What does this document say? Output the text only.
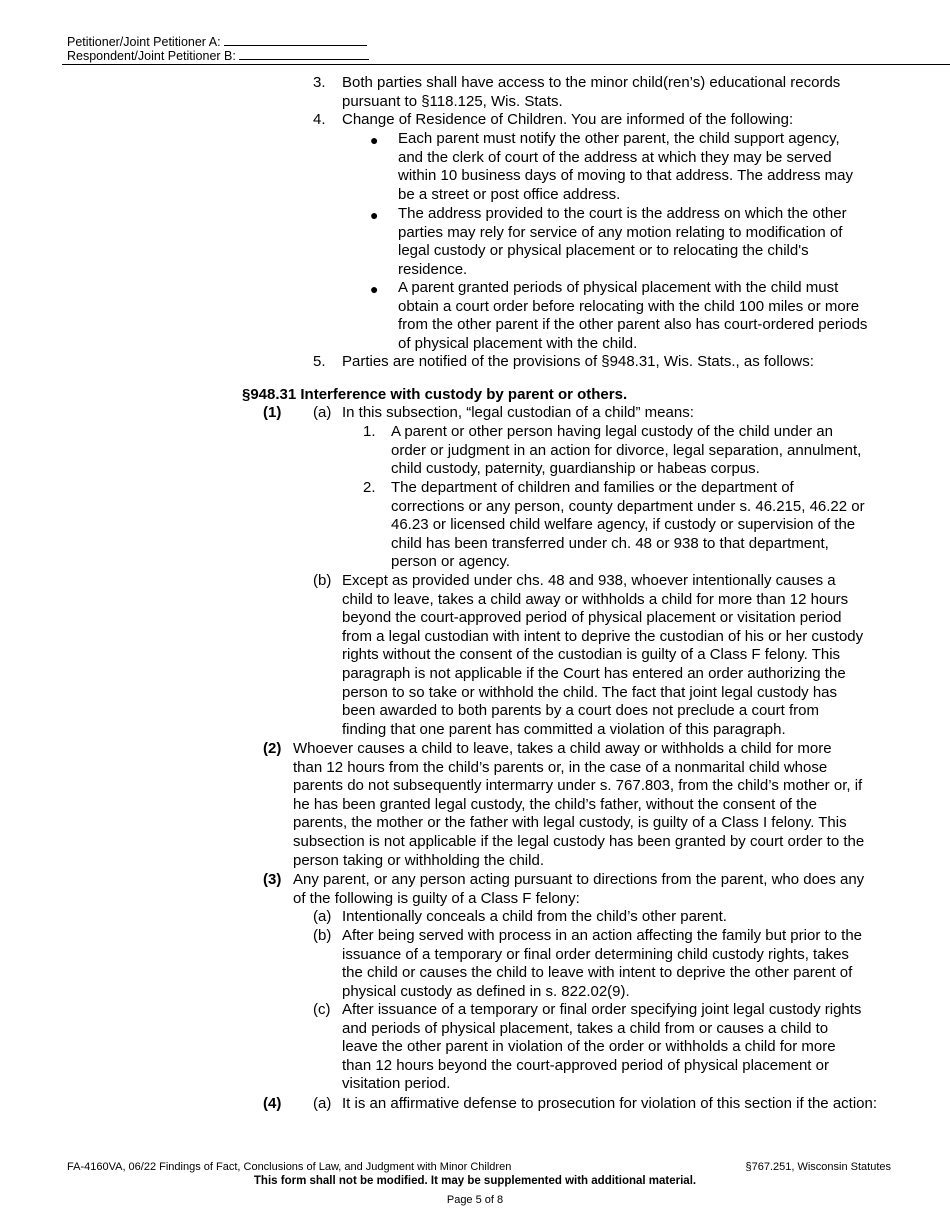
Petitioner/Joint Petitioner A:
Respondent/Joint Petitioner B:
3. Both parties shall have access to the minor child(ren’s) educational records
pursuant to §118.125, Wis. Stats.
4. Change of Residence of Children. You are informed of the following:
● Each parent must notify the other parent, the child support agency,
and the clerk of court of the address at which they may be served
within 10 business days of moving to that address. The address may
be a street or post office address.
● The address provided to the court is the address on which the other
parties may rely for service of any motion relating to modification of
legal custody or physical placement or to relocating the child's
residence.
● A parent granted periods of physical placement with the child must
obtain a court order before relocating with the child 100 miles or more
from the other parent if the other parent also has court-ordered periods
of physical placement with the child.
5. Parties are notified of the provisions of §948.31, Wis. Stats., as follows:
§948.31 Interference with custody by parent or others.
(1) (a) In this subsection, “legal custodian of a child” means:
1. A parent or other person having legal custody of the child under an
order or judgment in an action for divorce, legal separation, annulment,
child custody, paternity, guardianship or habeas corpus.
2. The department of children and families or the department of
corrections or any person, county department under s. 46.215, 46.22 or
46.23 or licensed child welfare agency, if custody or supervision of the
child has been transferred under ch. 48 or 938 to that department,
person or agency.
(b) Except as provided under chs. 48 and 938, whoever intentionally causes a
child to leave, takes a child away or withholds a child for more than 12 hours
beyond the court-approved period of physical placement or visitation period
from a legal custodian with intent to deprive the custodian of his or her custody
rights without the consent of the custodian is guilty of a Class F felony. This
paragraph is not applicable if the Court has entered an order authorizing the
person to so take or withhold the child. The fact that joint legal custody has
been awarded to both parents by a court does not preclude a court from
finding that one parent has committed a violation of this paragraph.
(2) Whoever causes a child to leave, takes a child away or withholds a child for more
than 12 hours from the child’s parents or, in the case of a nonmarital child whose
parents do not subsequently intermarry under s. 767.803, from the child’s mother or, if
he has been granted legal custody, the child’s father, without the consent of the
parents, the mother or the father with legal custody, is guilty of a Class I felony. This
subsection is not applicable if the legal custody has been granted by court order to the
person taking or withholding the child.
(3) Any parent, or any person acting pursuant to directions from the parent, who does any
of the following is guilty of a Class F felony:
(a) Intentionally conceals a child from the child’s other parent.
(b) After being served with process in an action affecting the family but prior to the
issuance of a temporary or final order determining child custody rights, takes
the child or causes the child to leave with intent to deprive the other parent of
physical custody as defined in s. 822.02(9).
(c) After issuance of a temporary or final order specifying joint legal custody rights
and periods of physical placement, takes a child from or causes a child to
leave the other parent in violation of the order or withholds a child for more
than 12 hours beyond the court-approved period of physical placement or
visitation period.
(4) (a) It is an affirmative defense to prosecution for violation of this section if the action:
FA-4160VA, 06/22 Findings of Fact, Conclusions of Law, and Judgment with Minor Children	§767.251, Wisconsin Statutes
This form shall not be modified. It may be supplemented with additional material.
Page 5 of 8
